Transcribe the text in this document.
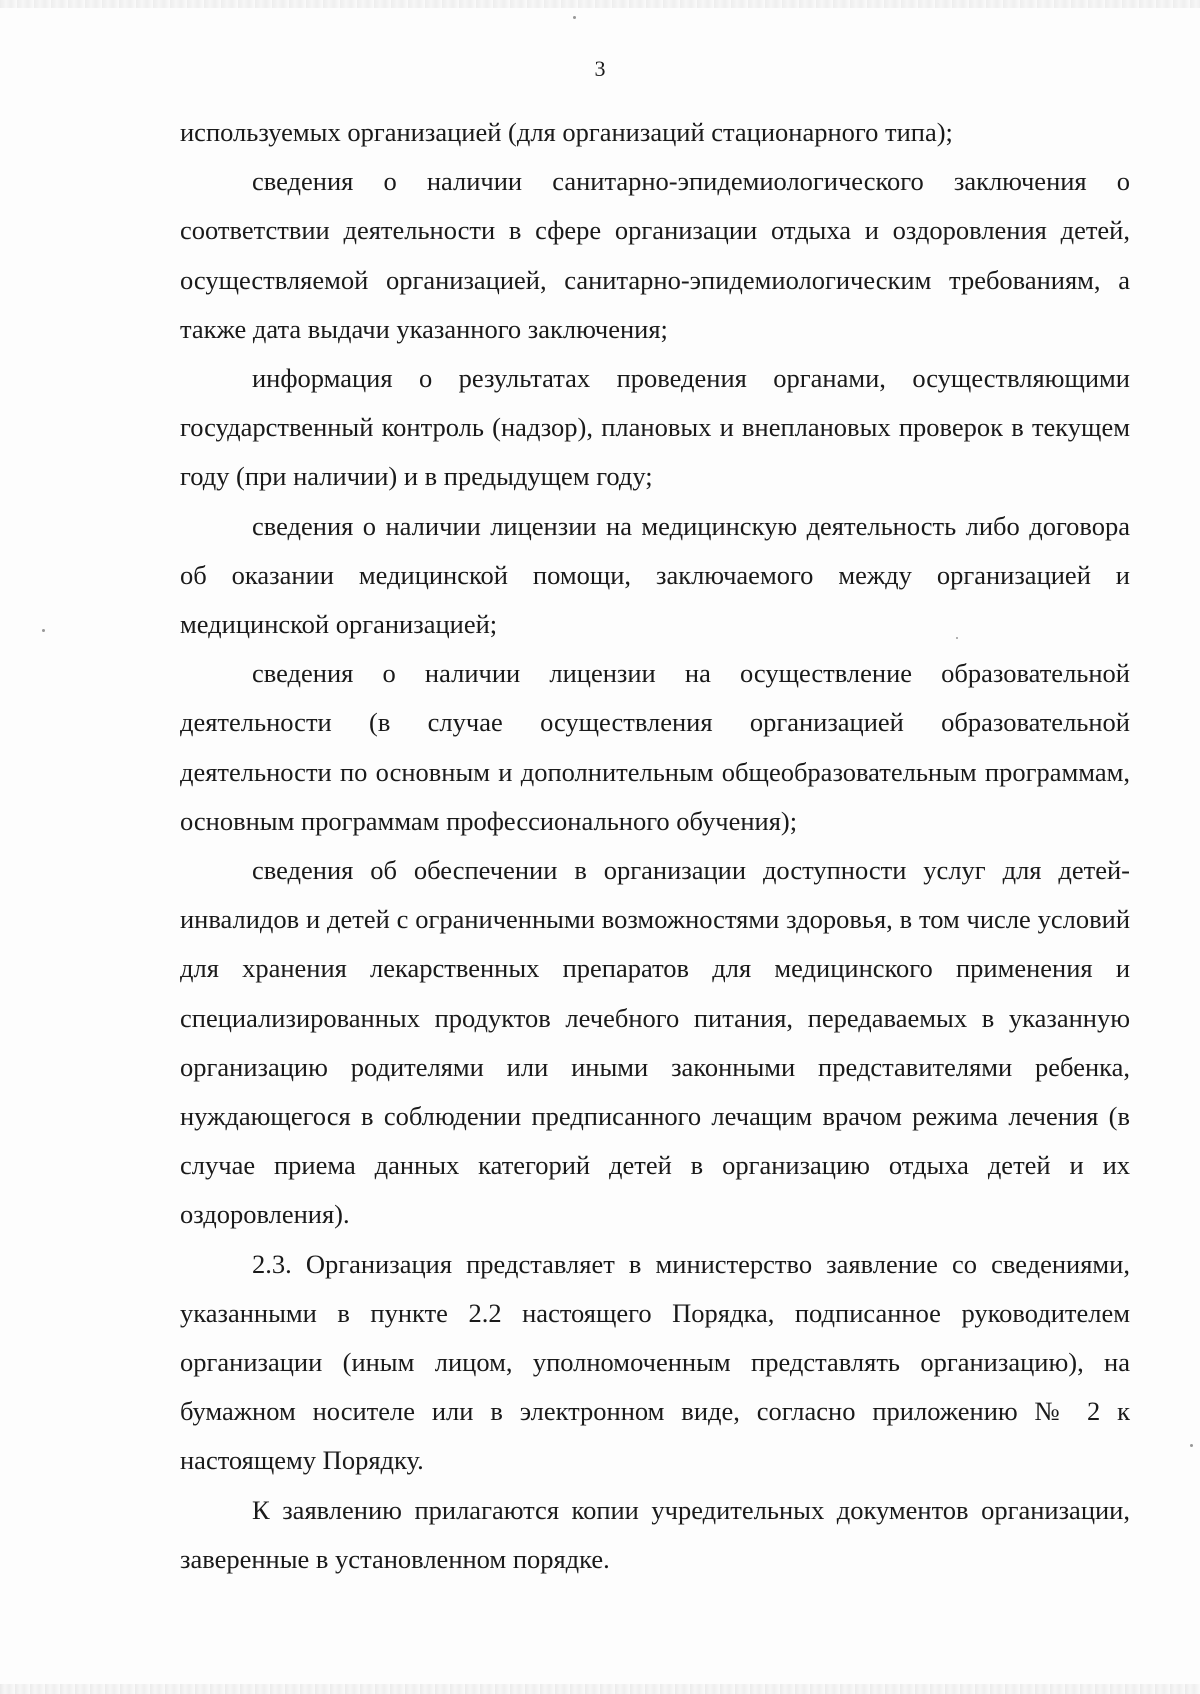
3

используемых организацией (для организаций стационарного типа);

сведения о наличии санитарно-эпидемиологического заключения о соответствии деятельности в сфере организации отдыха и оздоровления детей, осуществляемой организацией, санитарно-эпидемиологическим требованиям, а также дата выдачи указанного заключения;

информация о результатах проведения органами, осуществляющими государственный контроль (надзор), плановых и внеплановых проверок в текущем году (при наличии) и в предыдущем году;

сведения о наличии лицензии на медицинскую деятельность либо договора об оказании медицинской помощи, заключаемого между организацией и медицинской организацией;

сведения о наличии лицензии на осуществление образовательной деятельности (в случае осуществления организацией образовательной деятельности по основным и дополнительным общеобразовательным программам, основным программам профессионального обучения);

сведения об обеспечении в организации доступности услуг для детей-инвалидов и детей с ограниченными возможностями здоровья, в том числе условий для хранения лекарственных препаратов для медицинского применения и специализированных продуктов лечебного питания, передаваемых в указанную организацию родителями или иными законными представителями ребенка, нуждающегося в соблюдении предписанного лечащим врачом режима лечения (в случае приема данных категорий детей в организацию отдыха детей и их оздоровления).

2.3. Организация представляет в министерство заявление со сведениями, указанными в пункте 2.2 настоящего Порядка, подписанное руководителем организации (иным лицом, уполномоченным представлять организацию), на бумажном носителе или в электронном виде, согласно приложению № 2 к настоящему Порядку.

К заявлению прилагаются копии учредительных документов организации, заверенные в установленном порядке.
